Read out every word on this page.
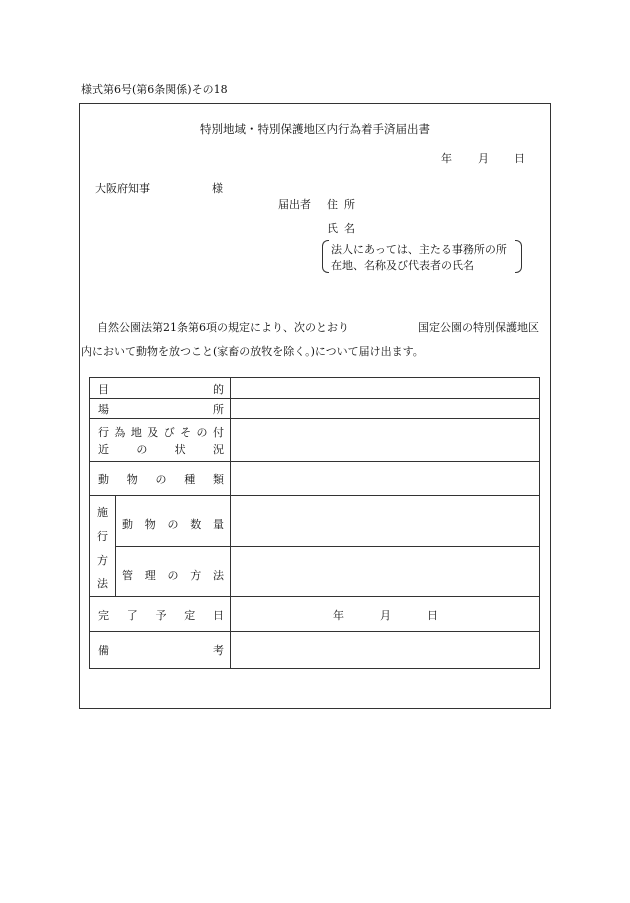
様式第6号(第6条関係)その18
特別地域・特別保護地区内行為着手済届出書
年 月 日
大阪府知事	様
届出者 住所
氏名
法人にあっては、主たる事務所の所
在地、名称及び代表者の氏名
自然公園法第21条第6項の規定により、次のとおり	国定公園の特別保護地区
内において動物を放つこと(家畜の放牧を除く。)について届け出ます。
目	的
場	所
行 為 地 及 び そ の 付
近 の 状 況
動 物 の 種 類
施
行
方
法
動 物 の 数 量
管 理 の 方 法
完 了 予 定 日	年	月	日
備	考
